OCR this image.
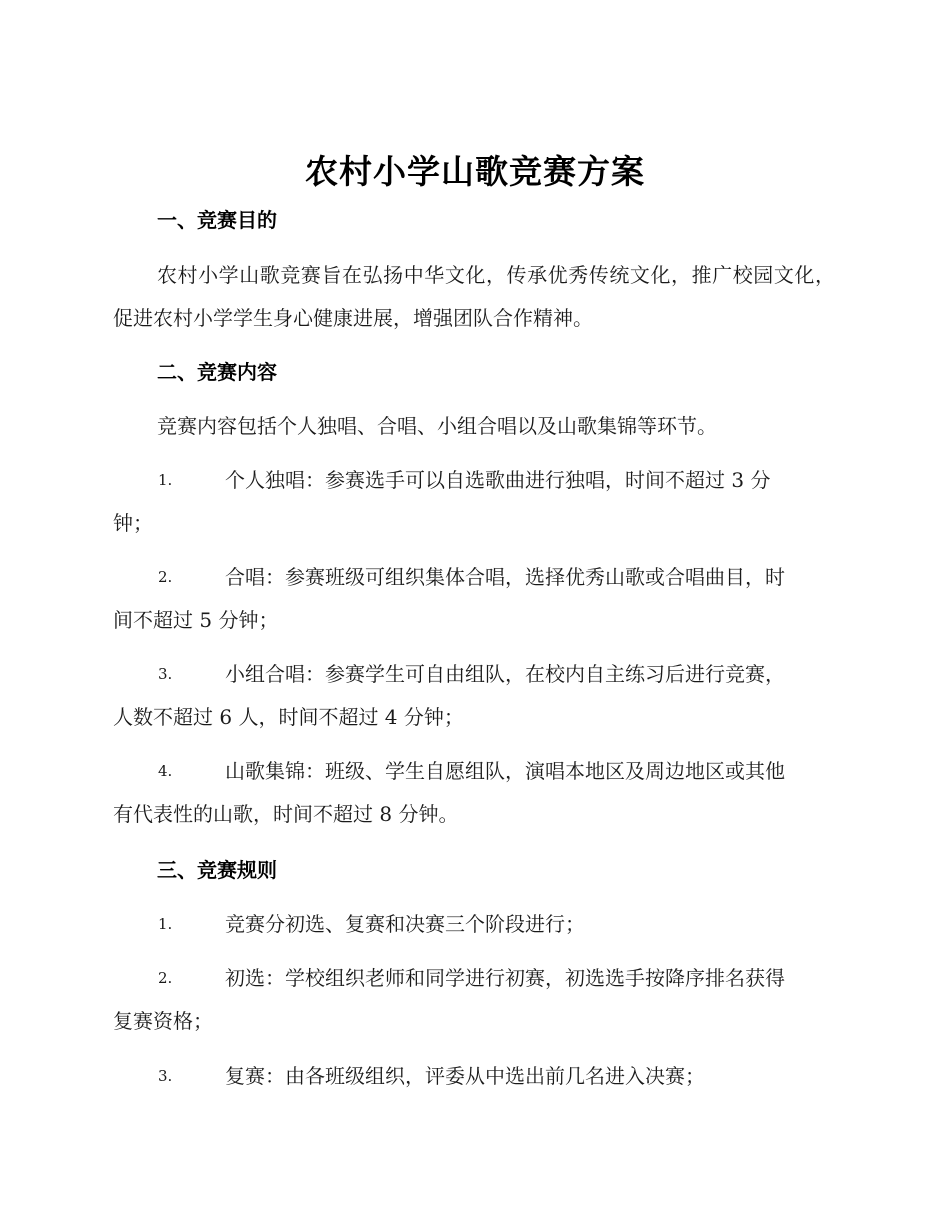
农村小学山歌竞赛方案
一、竞赛目的
农村小学山歌竞赛旨在弘扬中华文化，传承优秀传统文化，推广校园文化，促进农村小学学生身心健康进展，增强团队合作精神。
二、竞赛内容
竞赛内容包括个人独唱、合唱、小组合唱以及山歌集锦等环节。
1.	个人独唱：参赛选手可以自选歌曲进行独唱，时间不超过 3 分
钟；
2.	合唱：参赛班级可组织集体合唱，选择优秀山歌或合唱曲目，时
间不超过 5 分钟；
3.	小组合唱：参赛学生可自由组队，在校内自主练习后进行竞赛，
人数不超过 6 人，时间不超过 4 分钟；
4.	山歌集锦：班级、学生自愿组队，演唱本地区及周边地区或其他
有代表性的山歌，时间不超过 8 分钟。
三、竞赛规则
1.	竞赛分初选、复赛和决赛三个阶段进行；
2.	初选：学校组织老师和同学进行初赛，初选选手按降序排名获得
复赛资格；
3.	复赛：由各班级组织，评委从中选出前几名进入决赛；
